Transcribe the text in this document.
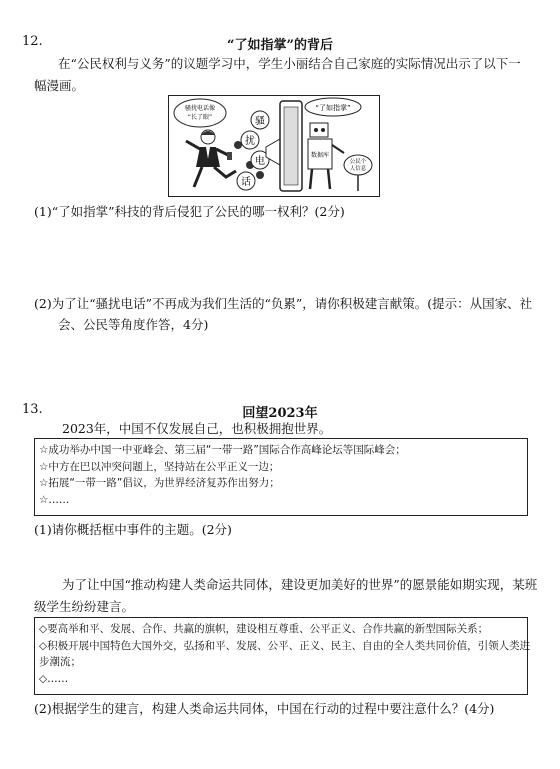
12.	“了如指掌”的背后
在“公民权利与义务”的议题学习中，学生小丽结合自己家庭的实际情况出示了以下一
幅漫画。
骚扰电话像
“长了眼”	骚
扰
电
话
“了如指掌”
数据库
公民个
人信息
(1)“了如指掌”科技的背后侵犯了公民的哪一权利？(2分)
(2)为了让“骚扰电话”不再成为我们生活的“负累”，请你积极建言献策。(提示：从国家、社
会、公民等角度作答，4分)
13.	回望2023年
2023年，中国不仅发展自己，也积极拥抱世界。
☆成功举办中国一中亚峰会、第三届“一带一路”国际合作高峰论坛等国际峰会；
☆中方在巴以冲突问题上，坚持站在公平正义一边；
☆拓展“一带一路”倡议，为世界经济复苏作出努力；
☆……
(1)请你概括框中事件的主题。(2分)
为了让中国“推动构建人类命运共同体，建设更加美好的世界”的愿景能如期实现，某班
级学生纷纷建言。
◇要高举和平、发展、合作、共赢的旗帜，建设相互尊重、公平正义、合作共赢的新型国际关系；
◇积极开展中国特色大国外交，弘扬和平、发展、公平、正义、民主、自由的全人类共同价值，引领人类进
步潮流；
◇……
(2)根据学生的建言，构建人类命运共同体，中国在行动的过程中要注意什么？(4分)
